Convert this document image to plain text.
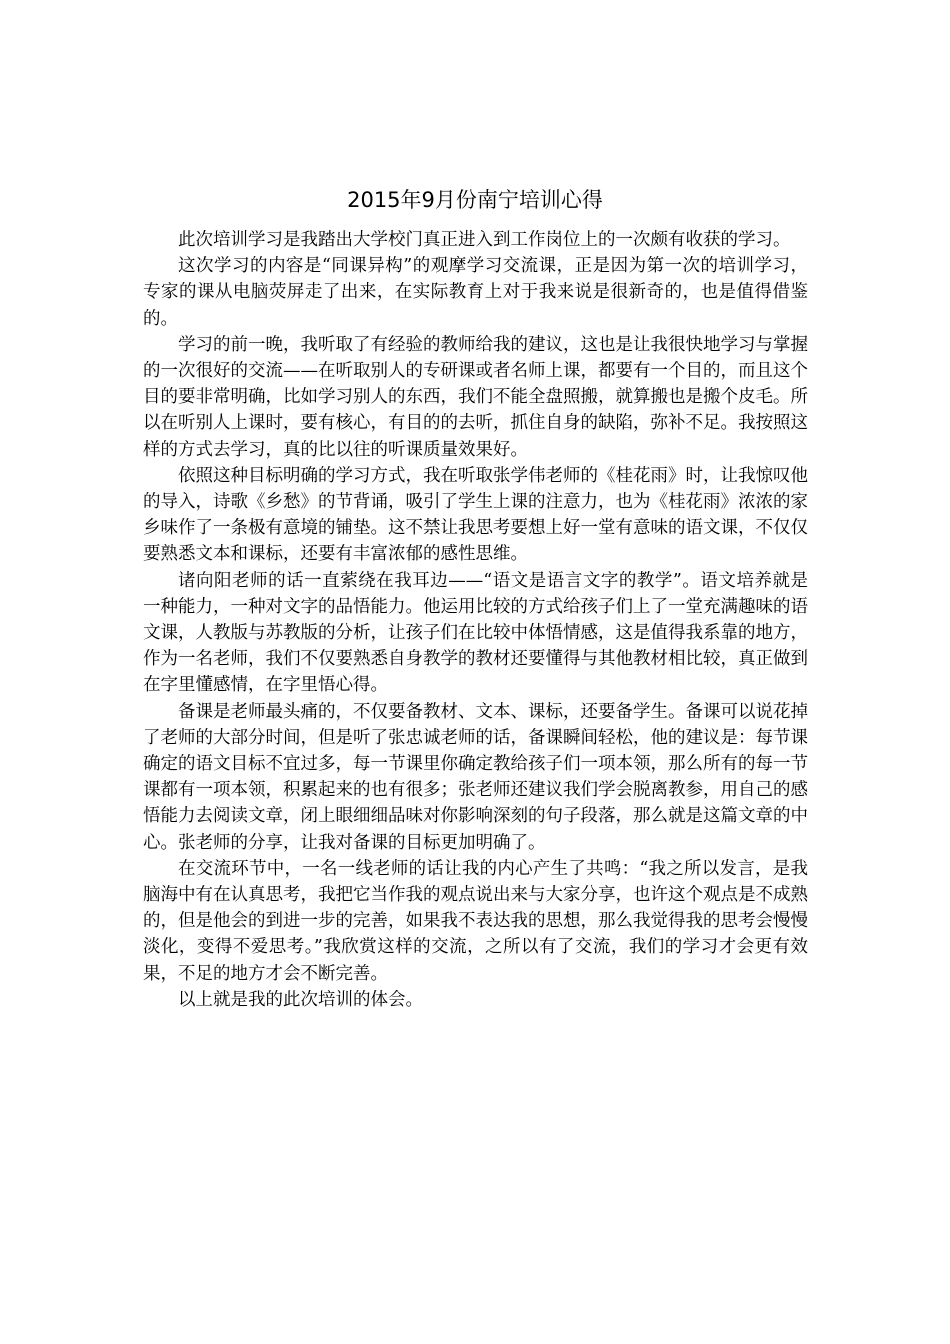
2015年9月份南宁培训心得

此次培训学习是我踏出大学校门真正进入到工作岗位上的一次颇有收获的学习。

这次学习的内容是“同课异构”的观摩学习交流课，正是因为第一次的培训学习，专家的课从电脑荧屏走了出来，在实际教育上对于我来说是很新奇的，也是值得借鉴的。

学习的前一晚，我听取了有经验的教师给我的建议，这也是让我很快地学习与掌握的一次很好的交流——在听取别人的专研课或者名师上课，都要有一个目的，而且这个目的要非常明确，比如学习别人的东西，我们不能全盘照搬，就算搬也是搬个皮毛。所以在听别人上课时，要有核心，有目的的去听，抓住自身的缺陷，弥补不足。我按照这样的方式去学习，真的比以往的听课质量效果好。

依照这种目标明确的学习方式，我在听取张学伟老师的《桂花雨》时，让我惊叹他的导入，诗歌《乡愁》的节背诵，吸引了学生上课的注意力，也为《桂花雨》浓浓的家乡味作了一条极有意境的铺垫。这不禁让我思考要想上好一堂有意味的语文课，不仅仅要熟悉文本和课标，还要有丰富浓郁的感性思维。

诸向阳老师的话一直萦绕在我耳边——“语文是语言文字的教学”。语文培养就是一种能力，一种对文字的品悟能力。他运用比较的方式给孩子们上了一堂充满趣味的语文课，人教版与苏教版的分析，让孩子们在比较中体悟情感，这是值得我系靠的地方，作为一名老师，我们不仅要熟悉自身教学的教材还要懂得与其他教材相比较，真正做到在字里懂感情，在字里悟心得。

备课是老师最头痛的，不仅要备教材、文本、课标，还要备学生。备课可以说花掉了老师的大部分时间，但是听了张忠诚老师的话，备课瞬间轻松，他的建议是：每节课确定的语文目标不宜过多，每一节课里你确定教给孩子们一项本领，那么所有的每一节课都有一项本领，积累起来的也有很多；张老师还建议我们学会脱离教参，用自己的感悟能力去阅读文章，闭上眼细细品味对你影响深刻的句子段落，那么就是这篇文章的中心。张老师的分享，让我对备课的目标更加明确了。

在交流环节中，一名一线老师的话让我的内心产生了共鸣：“我之所以发言，是我脑海中有在认真思考，我把它当作我的观点说出来与大家分享，也许这个观点是不成熟的，但是他会的到进一步的完善，如果我不表达我的思想，那么我觉得我的思考会慢慢淡化，变得不爱思考。”我欣赏这样的交流，之所以有了交流，我们的学习才会更有效果，不足的地方才会不断完善。

以上就是我的此次培训的体会。
